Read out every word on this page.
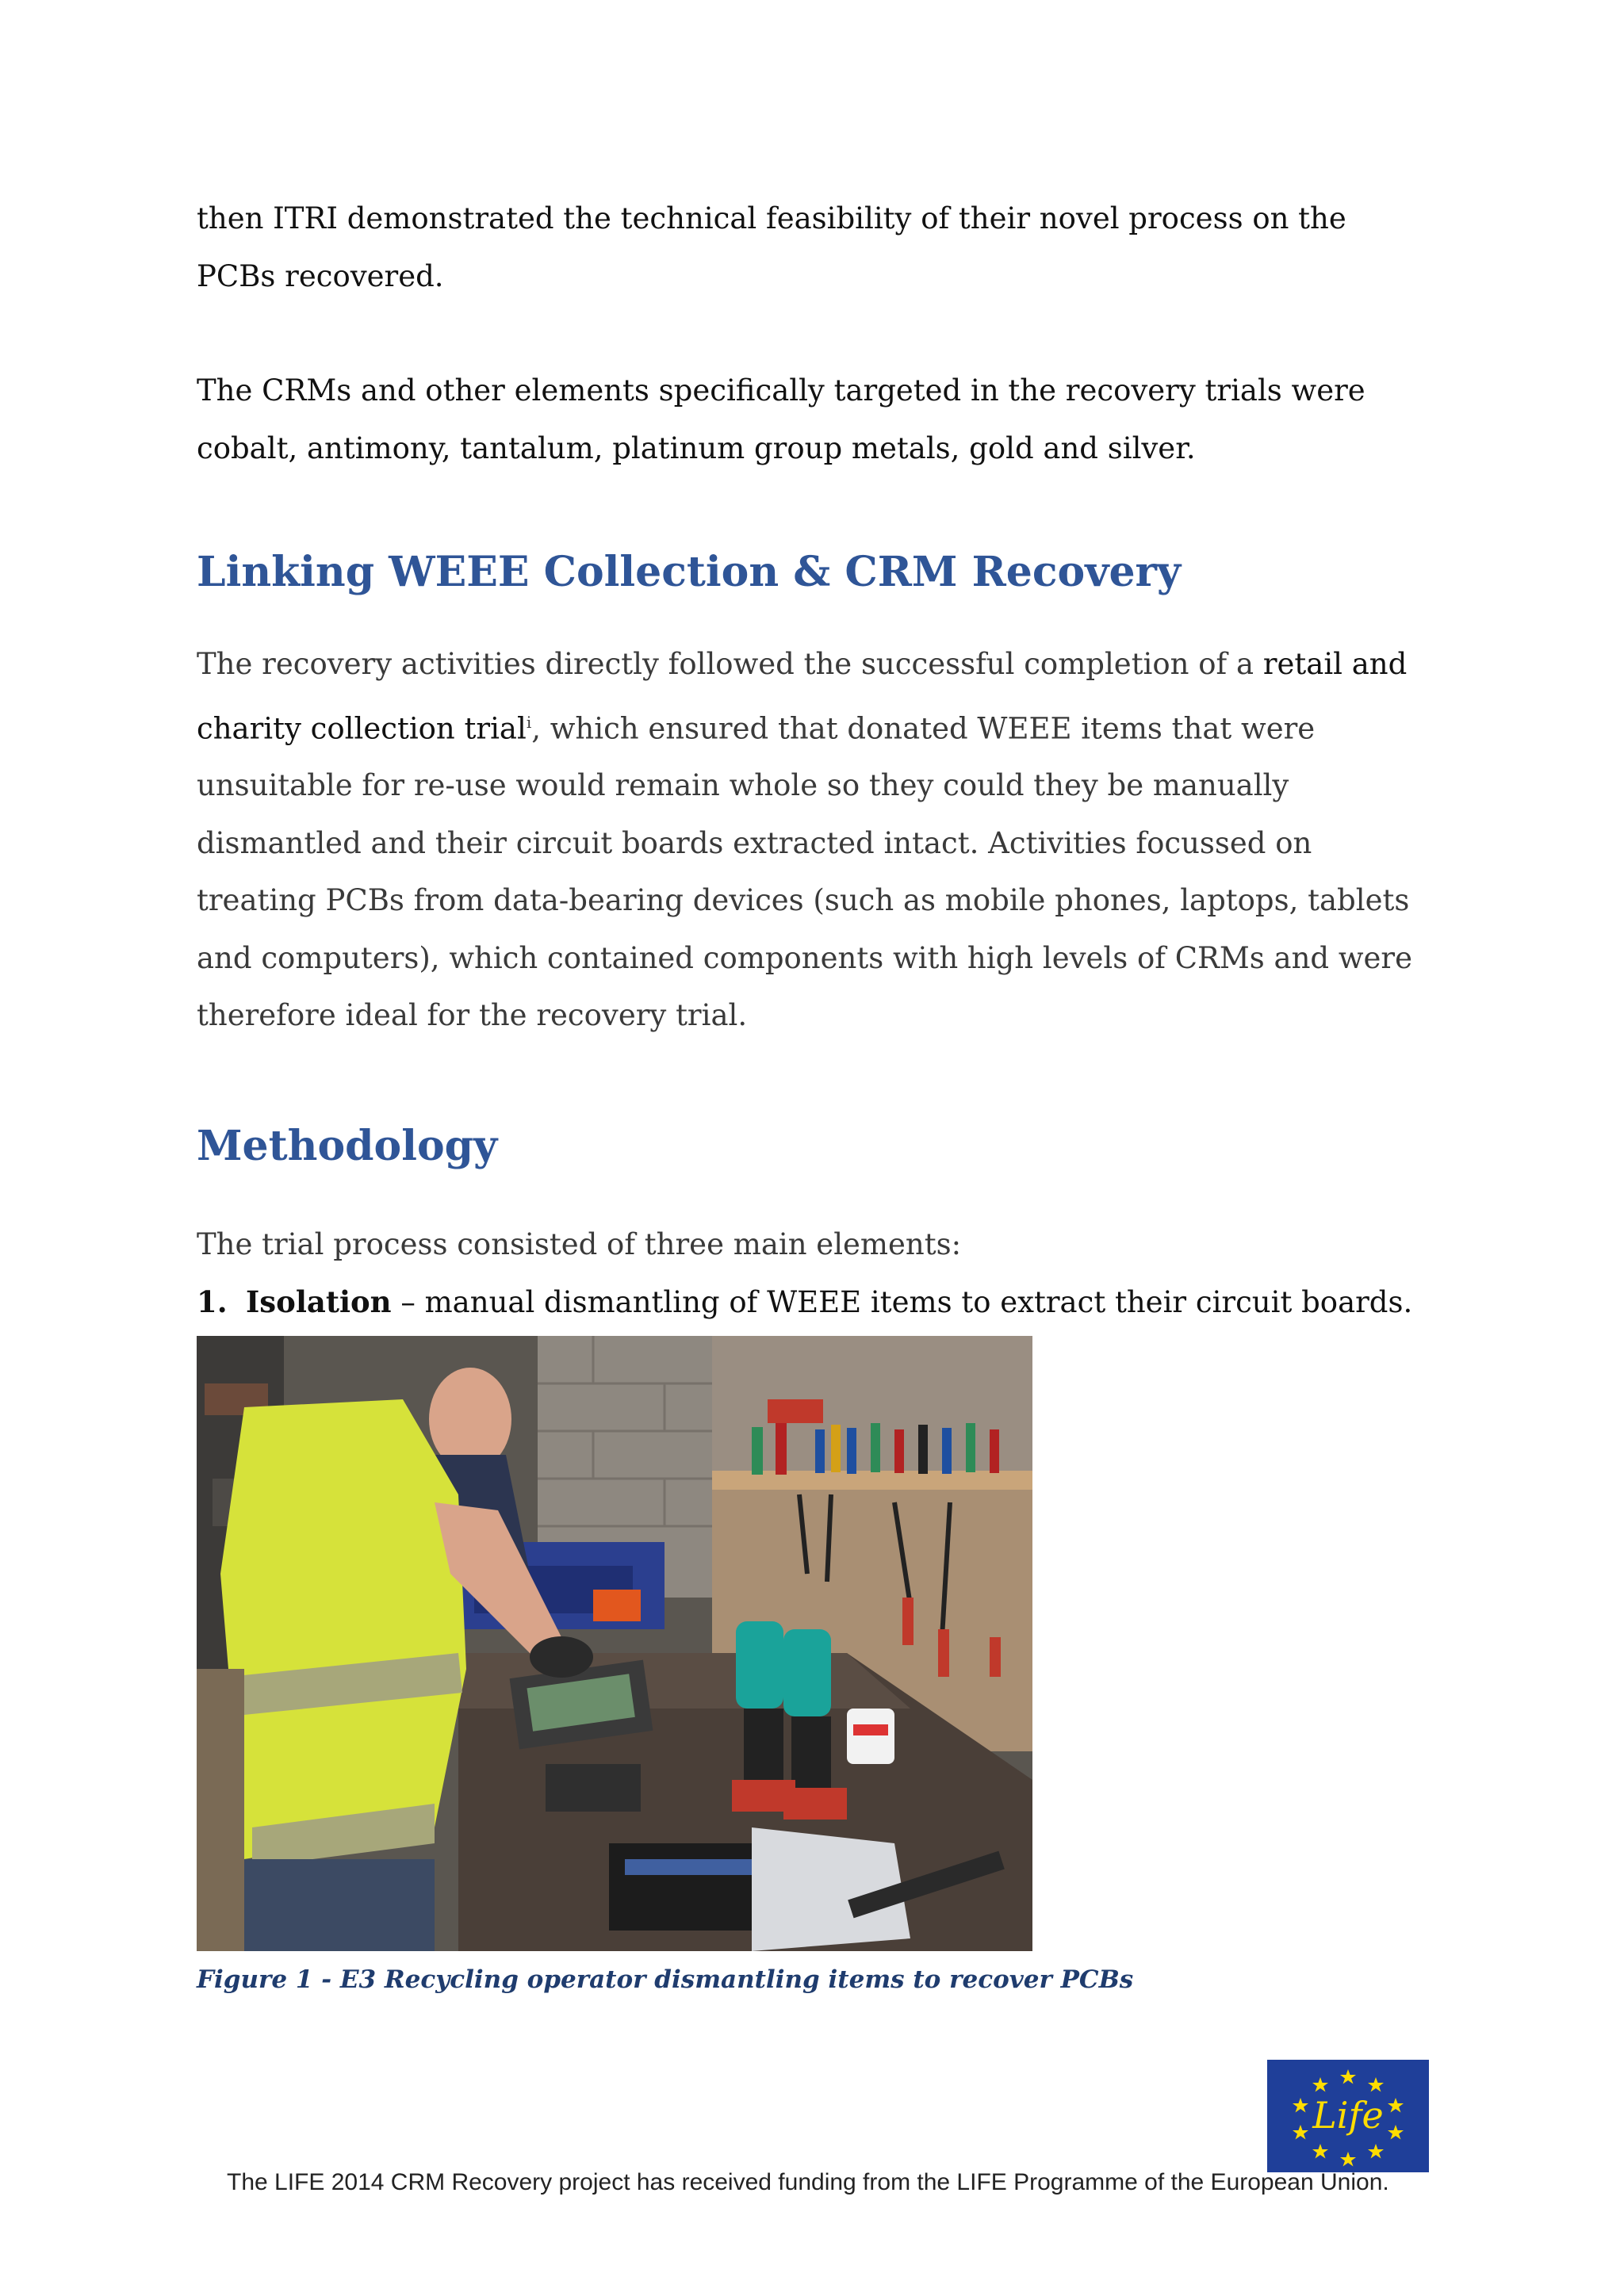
then ITRI demonstrated the technical feasibility of their novel process on the PCBs recovered.

The CRMs and other elements specifically targeted in the recovery trials were cobalt, antimony, tantalum, platinum group metals, gold and silver.

Linking WEEE Collection & CRM Recovery

The recovery activities directly followed the successful completion of a retail and charity collection trial$^i$, which ensured that donated WEEE items that were unsuitable for re-use would remain whole so they could they be manually dismantled and their circuit boards extracted intact. Activities focussed on treating PCBs from data-bearing devices (such as mobile phones, laptops, tablets and computers), which contained components with high levels of CRMs and were therefore ideal for the recovery trial.

Methodology

The trial process consisted of three main elements:

1. Isolation – manual dismantling of WEEE items to extract their circuit boards.
Figure 1 - E3 Recycling operator dismantling items to recover PCBs
Life
The LIFE 2014 CRM Recovery project has received funding from the LIFE Programme of the European Union.
